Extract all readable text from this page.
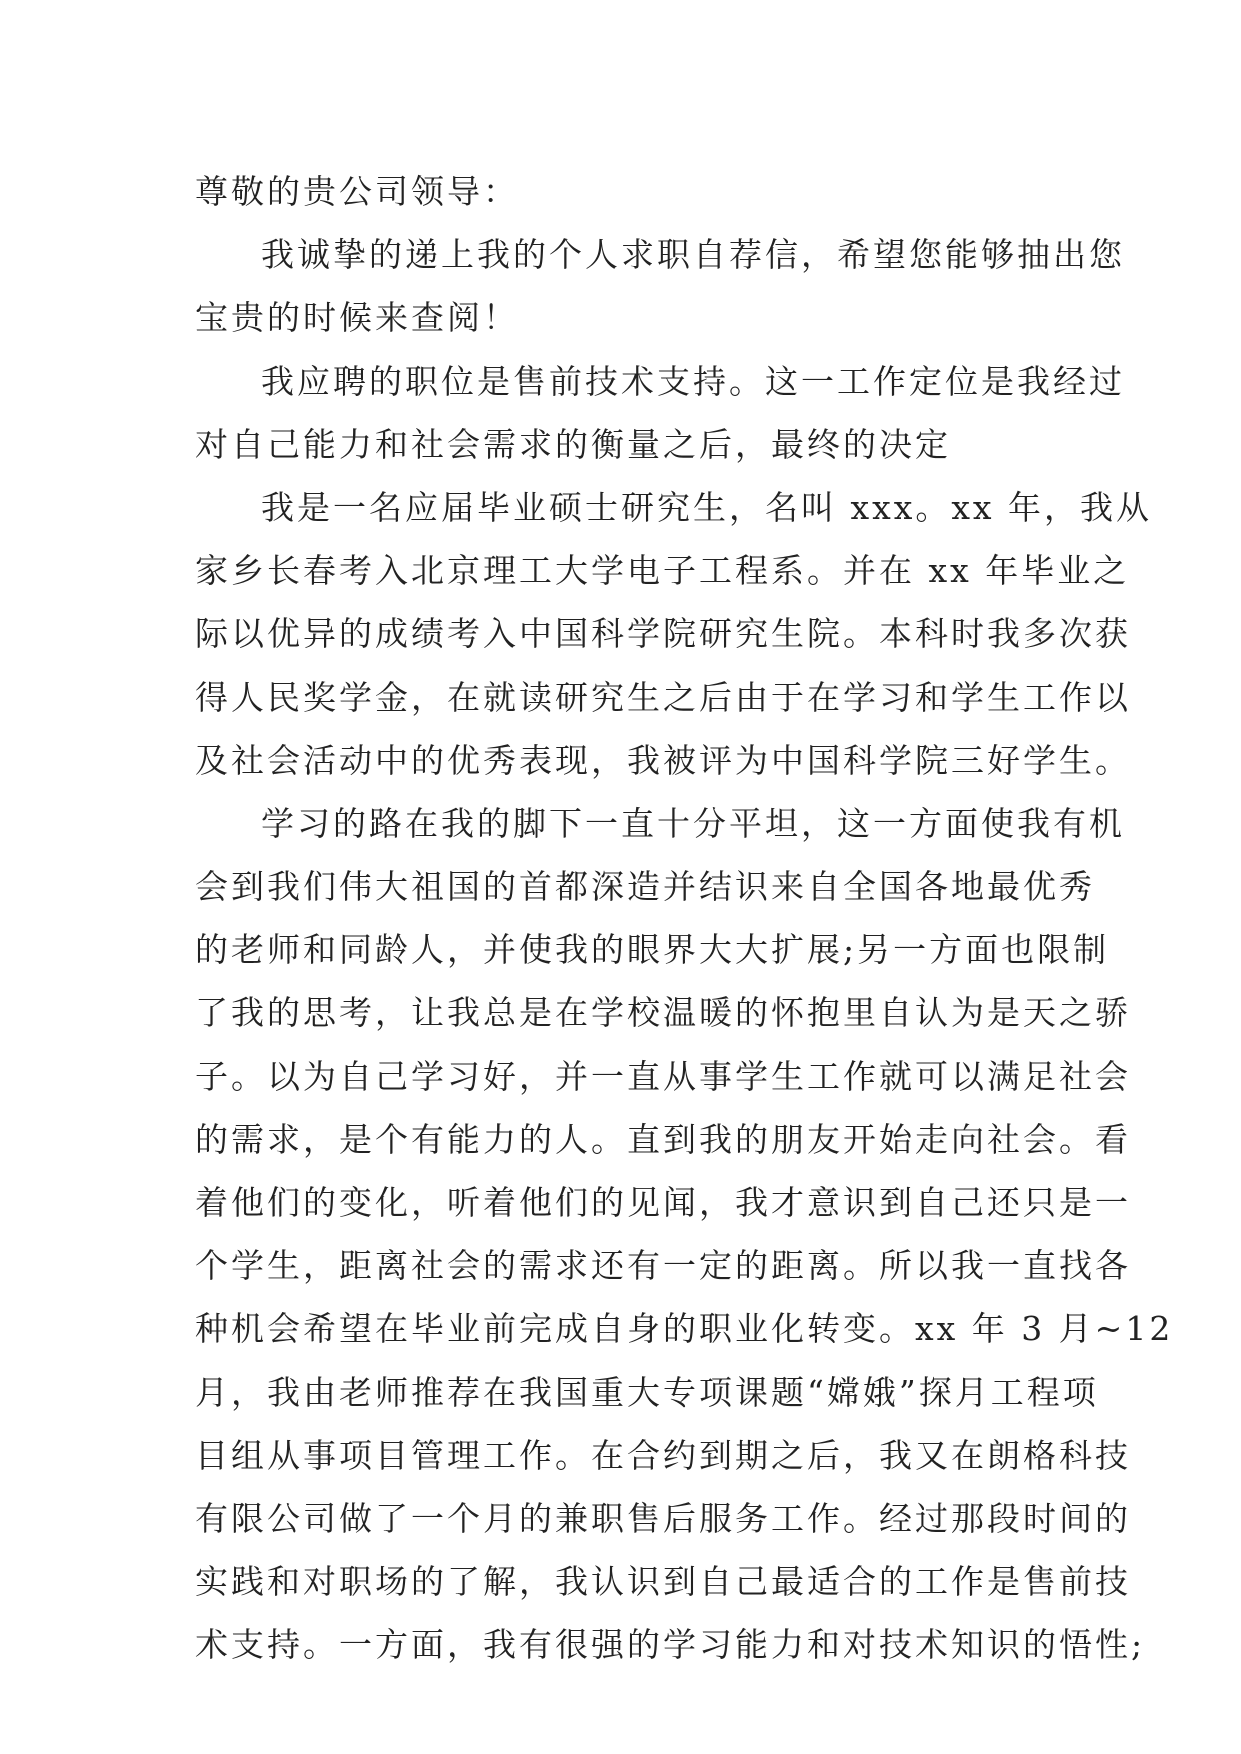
尊敬的贵公司领导：
我诚挚的递上我的个人求职自荐信，希望您能够抽出您
宝贵的时候来查阅！
我应聘的职位是售前技术支持。这一工作定位是我经过
对自己能力和社会需求的衡量之后，最终的决定
我是一名应届毕业硕士研究生，名叫 xxx。xx 年，我从
家乡长春考入北京理工大学电子工程系。并在 xx 年毕业之
际以优异的成绩考入中国科学院研究生院。本科时我多次获
得人民奖学金，在就读研究生之后由于在学习和学生工作以
及社会活动中的优秀表现，我被评为中国科学院三好学生。
学习的路在我的脚下一直十分平坦，这一方面使我有机
会到我们伟大祖国的首都深造并结识来自全国各地最优秀
的老师和同龄人，并使我的眼界大大扩展;另一方面也限制
了我的思考，让我总是在学校温暖的怀抱里自认为是天之骄
子。以为自己学习好，并一直从事学生工作就可以满足社会
的需求，是个有能力的人。直到我的朋友开始走向社会。看
着他们的变化，听着他们的见闻，我才意识到自己还只是一
个学生，距离社会的需求还有一定的距离。所以我一直找各
种机会希望在毕业前完成自身的职业化转变。xx 年 3 月~12
月，我由老师推荐在我国重大专项课题“嫦娥”探月工程项
目组从事项目管理工作。在合约到期之后，我又在朗格科技
有限公司做了一个月的兼职售后服务工作。经过那段时间的
实践和对职场的了解，我认识到自己最适合的工作是售前技
术支持。一方面，我有很强的学习能力和对技术知识的悟性;
